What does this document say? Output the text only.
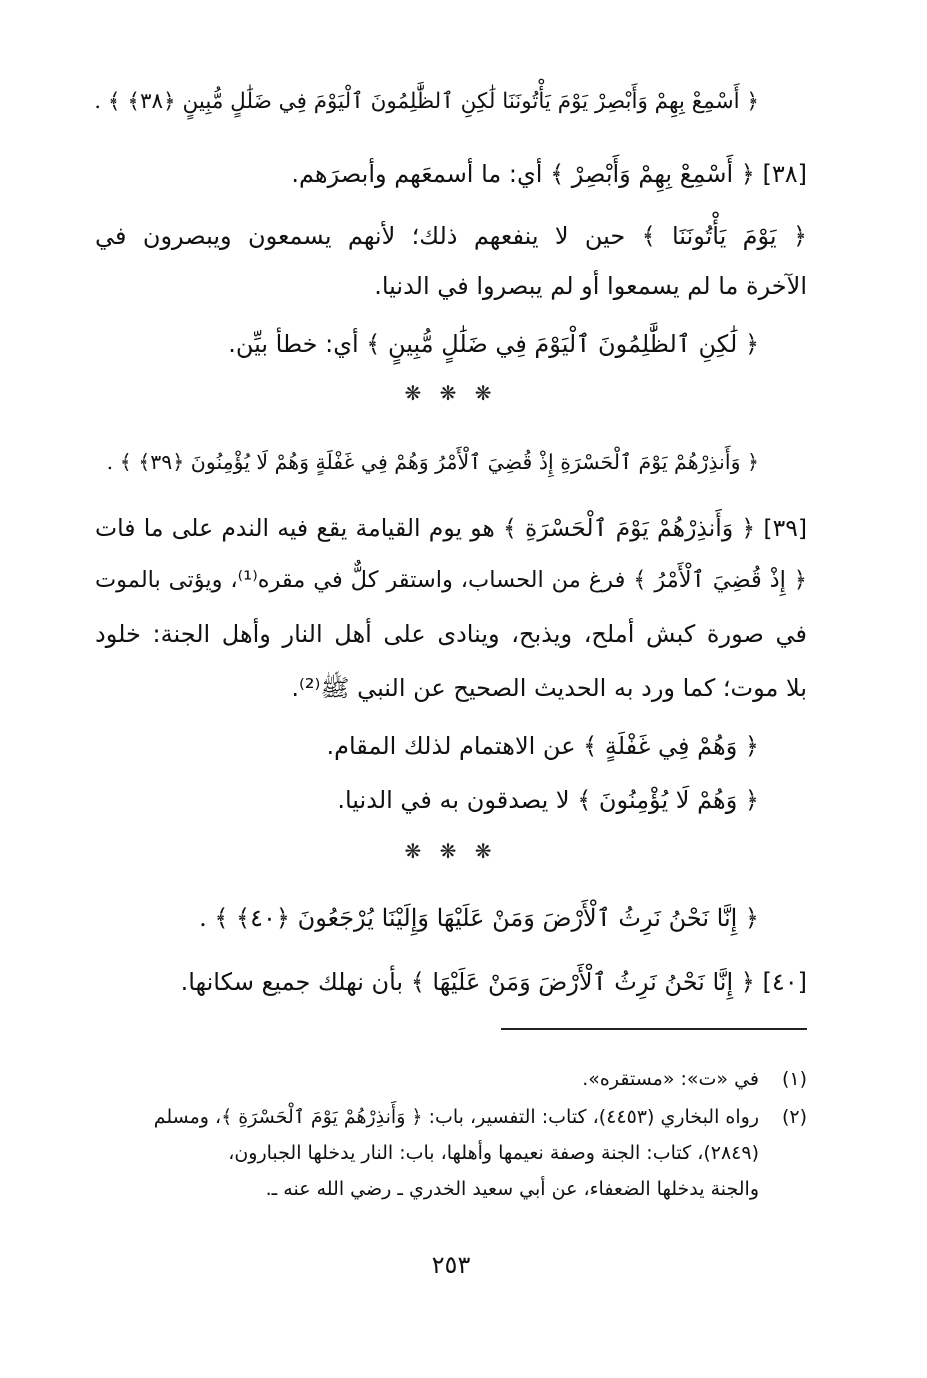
﴿ أَسْمِعْ بِهِمْ وَأَبْصِرْ يَوْمَ يَأْتُونَنَا لَٰكِنِ ٱلظَّٰلِمُونَ ٱلْيَوْمَ فِي ضَلَٰلٍ مُّبِينٍ ﴿٣٨﴾ ﴾ .
[٣٨] ﴿ أَسْمِعْ بِهِمْ وَأَبْصِرْ ﴾ أي: ما أسمعَهم وأبصرَهم.
﴿ يَوْمَ يَأْتُونَنَا ﴾ حين لا ينفعهم ذلك؛ لأنهم يسمعون ويبصرون في
الآخرة ما لم يسمعوا أو لم يبصروا في الدنيا.
﴿ لَٰكِنِ ٱلظَّٰلِمُونَ ٱلْيَوْمَ فِي ضَلَٰلٍ مُّبِينٍ ﴾ أي: خطأ بيِّن.
❋ ❋ ❋
﴿ وَأَنذِرْهُمْ يَوْمَ ٱلْحَسْرَةِ إِذْ قُضِيَ ٱلْأَمْرُ وَهُمْ فِي غَفْلَةٍ وَهُمْ لَا يُؤْمِنُونَ ﴿٣٩﴾ ﴾ .
[٣٩] ﴿ وَأَنذِرْهُمْ يَوْمَ ٱلْحَسْرَةِ ﴾ هو يوم القيامة يقع فيه الندم على ما فات
﴿ إِذْ قُضِيَ ٱلْأَمْرُ ﴾ فرغ من الحساب، واستقر كلٌّ في مقره⁽¹⁾، ويؤتى بالموت
في صورة كبش أملح، ويذبح، وينادى على أهل النار وأهل الجنة: خلود
بلا موت؛ كما ورد به الحديث الصحيح عن النبي ﷺ⁽²⁾.
﴿ وَهُمْ فِي غَفْلَةٍ ﴾ عن الاهتمام لذلك المقام.
﴿ وَهُمْ لَا يُؤْمِنُونَ ﴾ لا يصدقون به في الدنيا.
❋ ❋ ❋
﴿ إِنَّا نَحْنُ نَرِثُ ٱلْأَرْضَ وَمَنْ عَلَيْهَا وَإِلَيْنَا يُرْجَعُونَ ﴿٤٠﴾ ﴾ .
[٤٠] ﴿ إِنَّا نَحْنُ نَرِثُ ٱلْأَرْضَ وَمَنْ عَلَيْهَا ﴾ بأن نهلك جميع سكانها.
(١)في «ت»: «مستقره».
(٢)رواه البخاري (٤٤٥٣)، كتاب: التفسير، باب: ﴿ وَأَنذِرْهُمْ يَوْمَ ٱلْحَسْرَةِ ﴾، ومسلم
(٢٨٤٩)، كتاب: الجنة وصفة نعيمها وأهلها، باب: النار يدخلها الجبارون،
والجنة يدخلها الضعفاء، عن أبي سعيد الخدري ـ رضي الله عنه ـ.
٢٥٣
